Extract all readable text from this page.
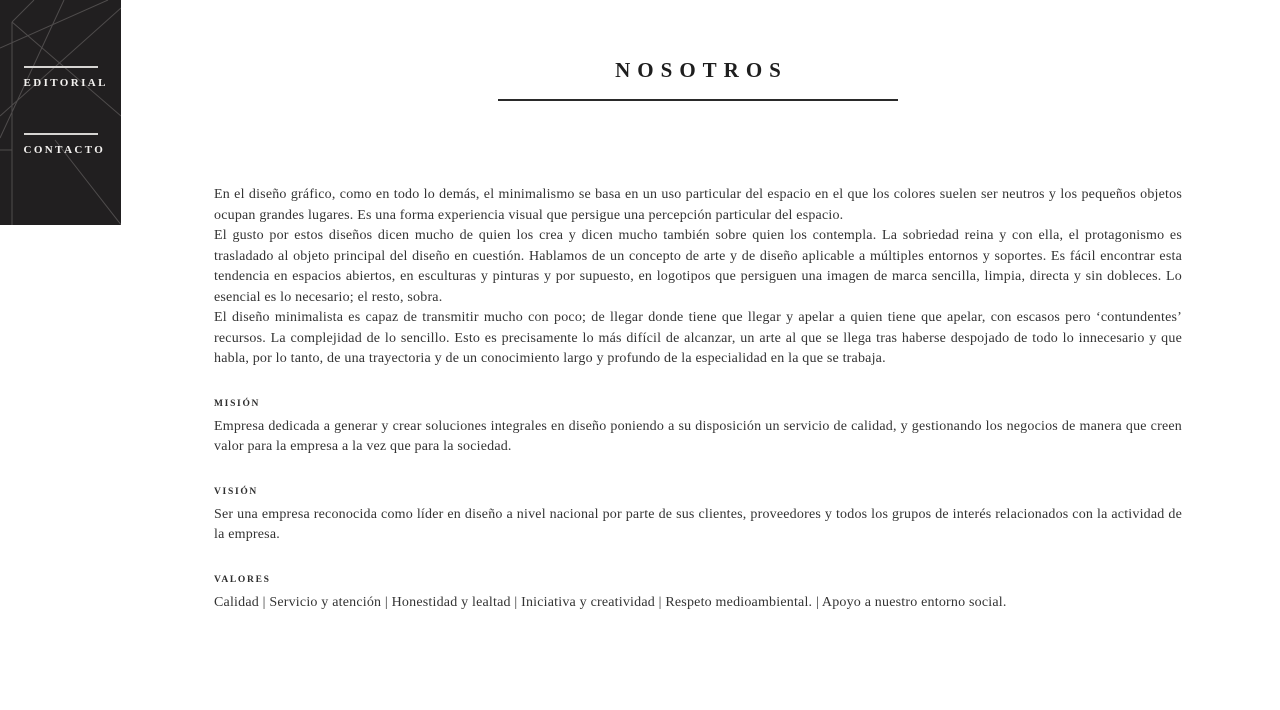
EDITORIAL
CONTACTO
NOSOTROS

En el diseño gráfico, como en todo lo demás, el minimalismo se basa en un uso particular del espacio en el que los colores suelen ser neutros y los pequeños objetos ocupan grandes lugares. Es una forma experiencia visual que persigue una percepción particular del espacio.

El gusto por estos diseños dicen mucho de quien los crea y dicen mucho también sobre quien los contempla. La sobriedad reina y con ella, el protagonismo es trasladado al objeto principal del diseño en cuestión. Hablamos de un concepto de arte y de diseño aplicable a múltiples entornos y soportes. Es fácil encontrar esta tendencia en espacios abiertos, en esculturas y pinturas y por supuesto, en logotipos que persiguen una imagen de marca sencilla, limpia, directa y sin dobleces. Lo esencial es lo necesario; el resto, sobra.

El diseño minimalista es capaz de transmitir mucho con poco; de llegar donde tiene que llegar y apelar a quien tiene que apelar, con escasos pero ‘contundentes’ recursos. La complejidad de lo sencillo. Esto es precisamente lo más difícil de alcanzar, un arte al que se llega tras haberse despojado de todo lo innecesario y que habla, por lo tanto, de una trayectoria y de un conocimiento largo y profundo de la especialidad en la que se trabaja.

MISIÓN

Empresa dedicada a generar y crear soluciones integrales en diseño poniendo a su disposición un servicio de calidad, y gestionando los negocios de manera que creen valor para la empresa a la vez que para la sociedad.

VISIÓN

Ser una empresa reconocida como líder en diseño a nivel nacional por parte de sus clientes, proveedores y todos los grupos de interés relacionados con la actividad de la empresa.

VALORES

Calidad | Servicio y atención | Honestidad y lealtad | Iniciativa y creatividad | Respeto medioambiental. | Apoyo a nuestro entorno social.
